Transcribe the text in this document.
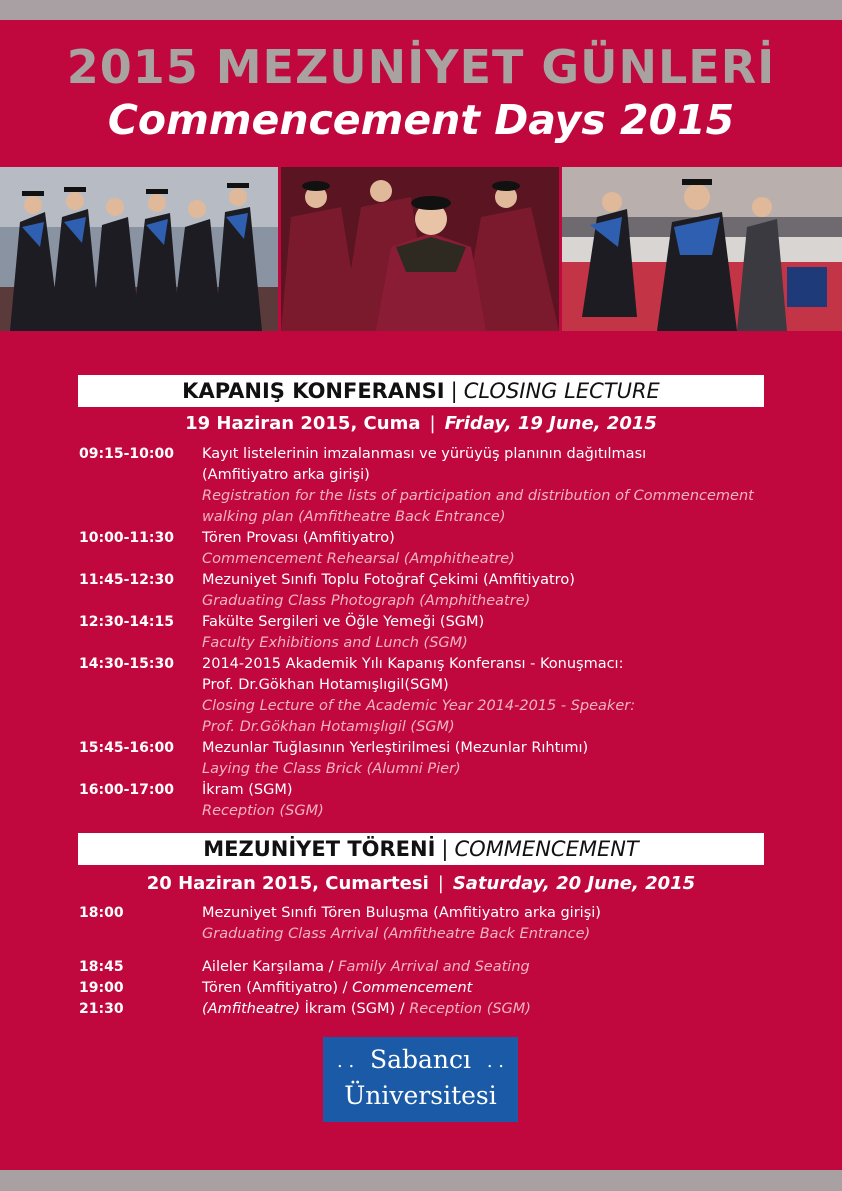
2015 MEZUNİYET GÜNLERİ
Commencement Days 2015
KAPANIŞ KONFERANSI | CLOSING LECTURE
19 Haziran 2015, Cuma | Friday, 19 June, 2015
09:15-10:00	Kayıt listelerinin imzalanması ve yürüyüş planının dağıtılması
(Amfitiyatro arka girişi)
Registration for the lists of participation and distribution of Commencement
walking plan (Amfitheatre Back Entrance)
10:00-11:30	Tören Provası (Amfitiyatro)
Commencement Rehearsal (Amphitheatre)
11:45-12:30	Mezuniyet Sınıfı Toplu Fotoğraf Çekimi (Amfitiyatro)
Graduating Class Photograph (Amphitheatre)
12:30-14:15	Fakülte Sergileri ve Öğle Yemeği (SGM)
Faculty Exhibitions and Lunch (SGM)
14:30-15:30	2014-2015 Akademik Yılı Kapanış Konferansı - Konuşmacı:
Prof. Dr.Gökhan Hotamışlıgil(SGM)
Closing Lecture of the Academic Year 2014-2015 - Speaker:
Prof. Dr.Gökhan Hotamışlıgil (SGM)
15:45-16:00	Mezunlar Tuğlasının Yerleştirilmesi (Mezunlar Rıhtımı)
Laying the Class Brick (Alumni Pier)
16:00-17:00	İkram (SGM)
Reception (SGM)
MEZUNİYET TÖRENİ | COMMENCEMENT
20 Haziran 2015, Cumartesi | Saturday, 20 June, 2015
18:00	Mezuniyet Sınıfı Tören Buluşma (Amfitiyatro arka girişi)
Graduating Class Arrival (Amfitheatre Back Entrance)
18:45	Aileler Karşılama / Family Arrival and Seating
19:00	Tören (Amfitiyatro) / Commencement
21:30	(Amfitheatre) İkram (SGM) / Reception (SGM)
. .	. .
Sabancı
Üniversitesi
